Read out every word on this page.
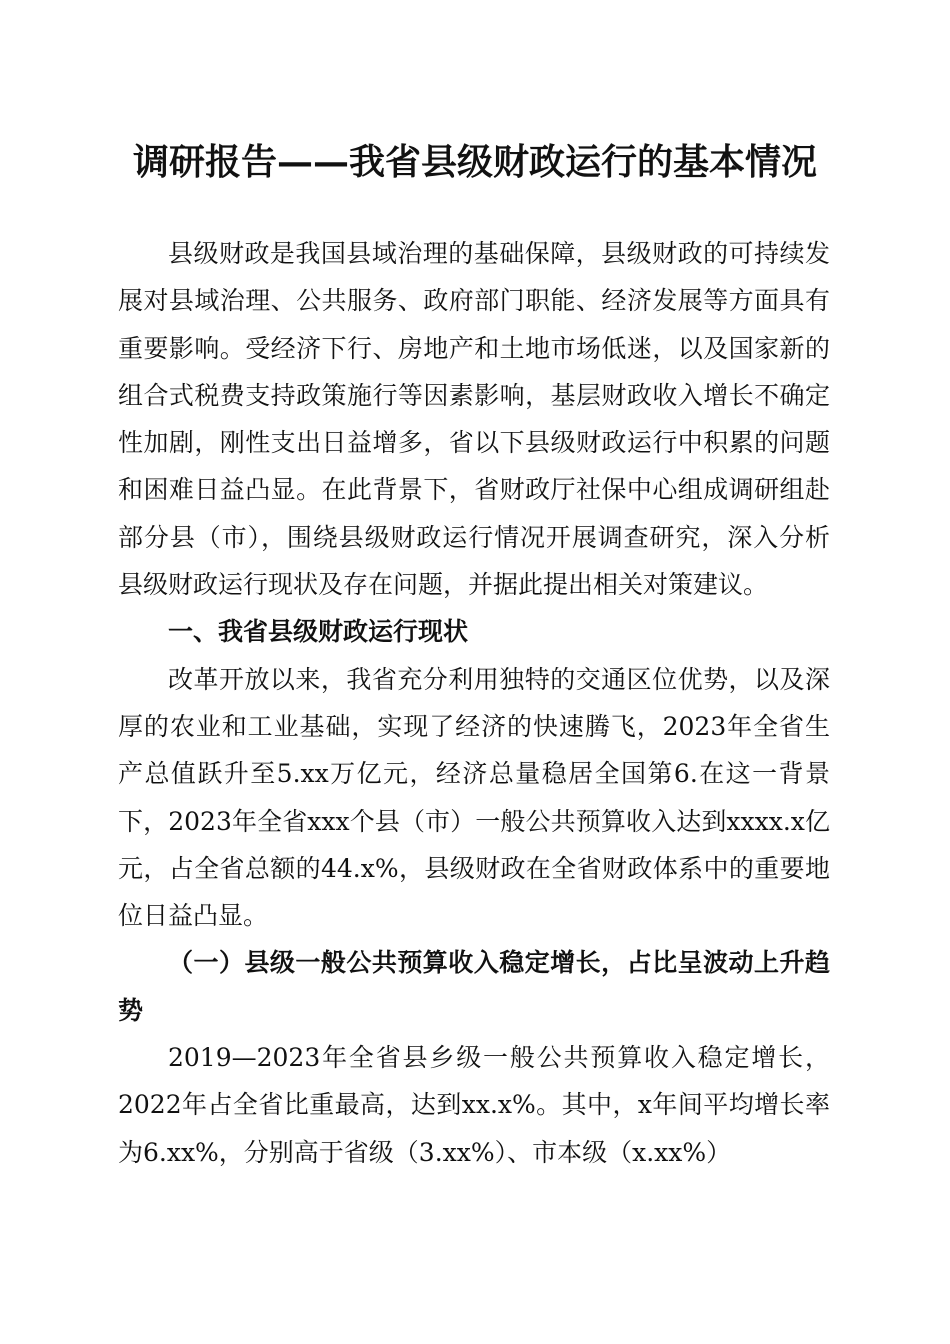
调研报告——我省县级财政运行的基本情况

县级财政是我国县域治理的基础保障，县级财政的可持续发展对县域治理、公共服务、政府部门职能、经济发展等方面具有重要影响。受经济下行、房地产和土地市场低迷，以及国家新的组合式税费支持政策施行等因素影响，基层财政收入增长不确定性加剧，刚性支出日益增多，省以下县级财政运行中积累的问题和困难日益凸显。在此背景下，省财政厅社保中心组成调研组赴部分县（市），围绕县级财政运行情况开展调查研究，深入分析县级财政运行现状及存在问题，并据此提出相关对策建议。

一、我省县级财政运行现状

改革开放以来，我省充分利用独特的交通区位优势，以及深厚的农业和工业基础，实现了经济的快速腾飞，2023年全省生产总值跃升至5.xx万亿元，经济总量稳居全国第6.在这一背景下，2023年全省xxx个县（市）一般公共预算收入达到xxxx.x亿元，占全省总额的44.x%，县级财政在全省财政体系中的重要地位日益凸显。

（一）县级一般公共预算收入稳定增长，占比呈波动上升趋势

2019—2023年全省县乡级一般公共预算收入稳定增长，2022年占全省比重最高，达到xx.x%。其中，x年间平均增长率为6.xx%，分别高于省级（3.xx%）、市本级（x.xx%）
